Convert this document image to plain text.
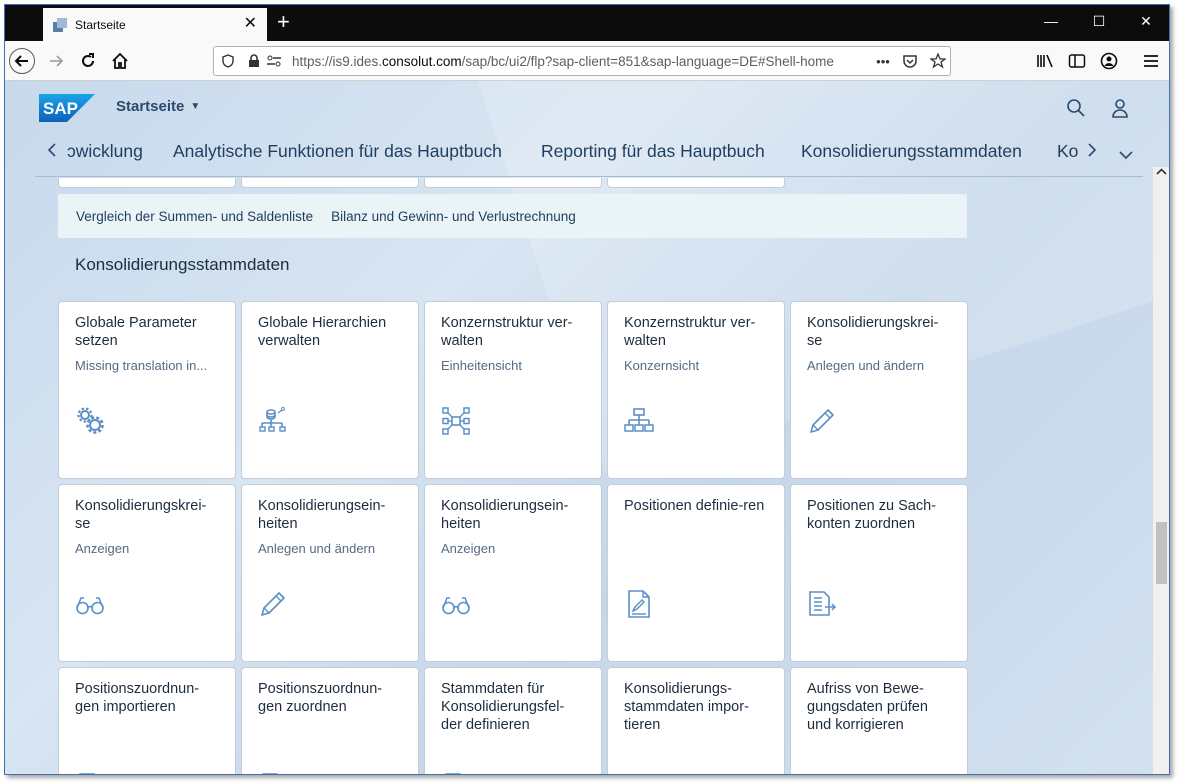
Startseite	✕ +	— ☐ ✕
https://is9.ides.consolut.com/sap/bc/ui2/flp?sap-client=851&sap-language=DE#Shell-home	•••
SAP	Startseite ▼
ɔwicklung Analytische Funktionen für das Hauptbuch Reporting für das Hauptbuch Konsolidierungsstammdaten Ko
Vergleich der Summen- und Saldenliste Bilanz und Gewinn- und Verlustrechnung
Konsolidierungsstammdaten
Globale Parameter setzen
Missing translation in...
Globale Hierarchien verwalten
Konzernstruktur ver-walten
Einheitensicht
Konzernstruktur ver-walten
Konzernsicht
Konsolidierungskrei-se
Anlegen und ändern
Konsolidierungskrei-se
Anzeigen
Konsolidierungsein-heiten
Anlegen und ändern
Konsolidierungsein-heiten
Anzeigen
Positionen definie-ren	Positionen zu Sach-konten zuordnen
Positionszuordnun-gen importieren
Positionszuordnun-gen zuordnen
Stammdaten für Konsolidierungsfel-der definieren
Konsolidierungs-stammdaten impor-tieren
Aufriss von Bewe-gungsdaten prüfen und korrigieren
